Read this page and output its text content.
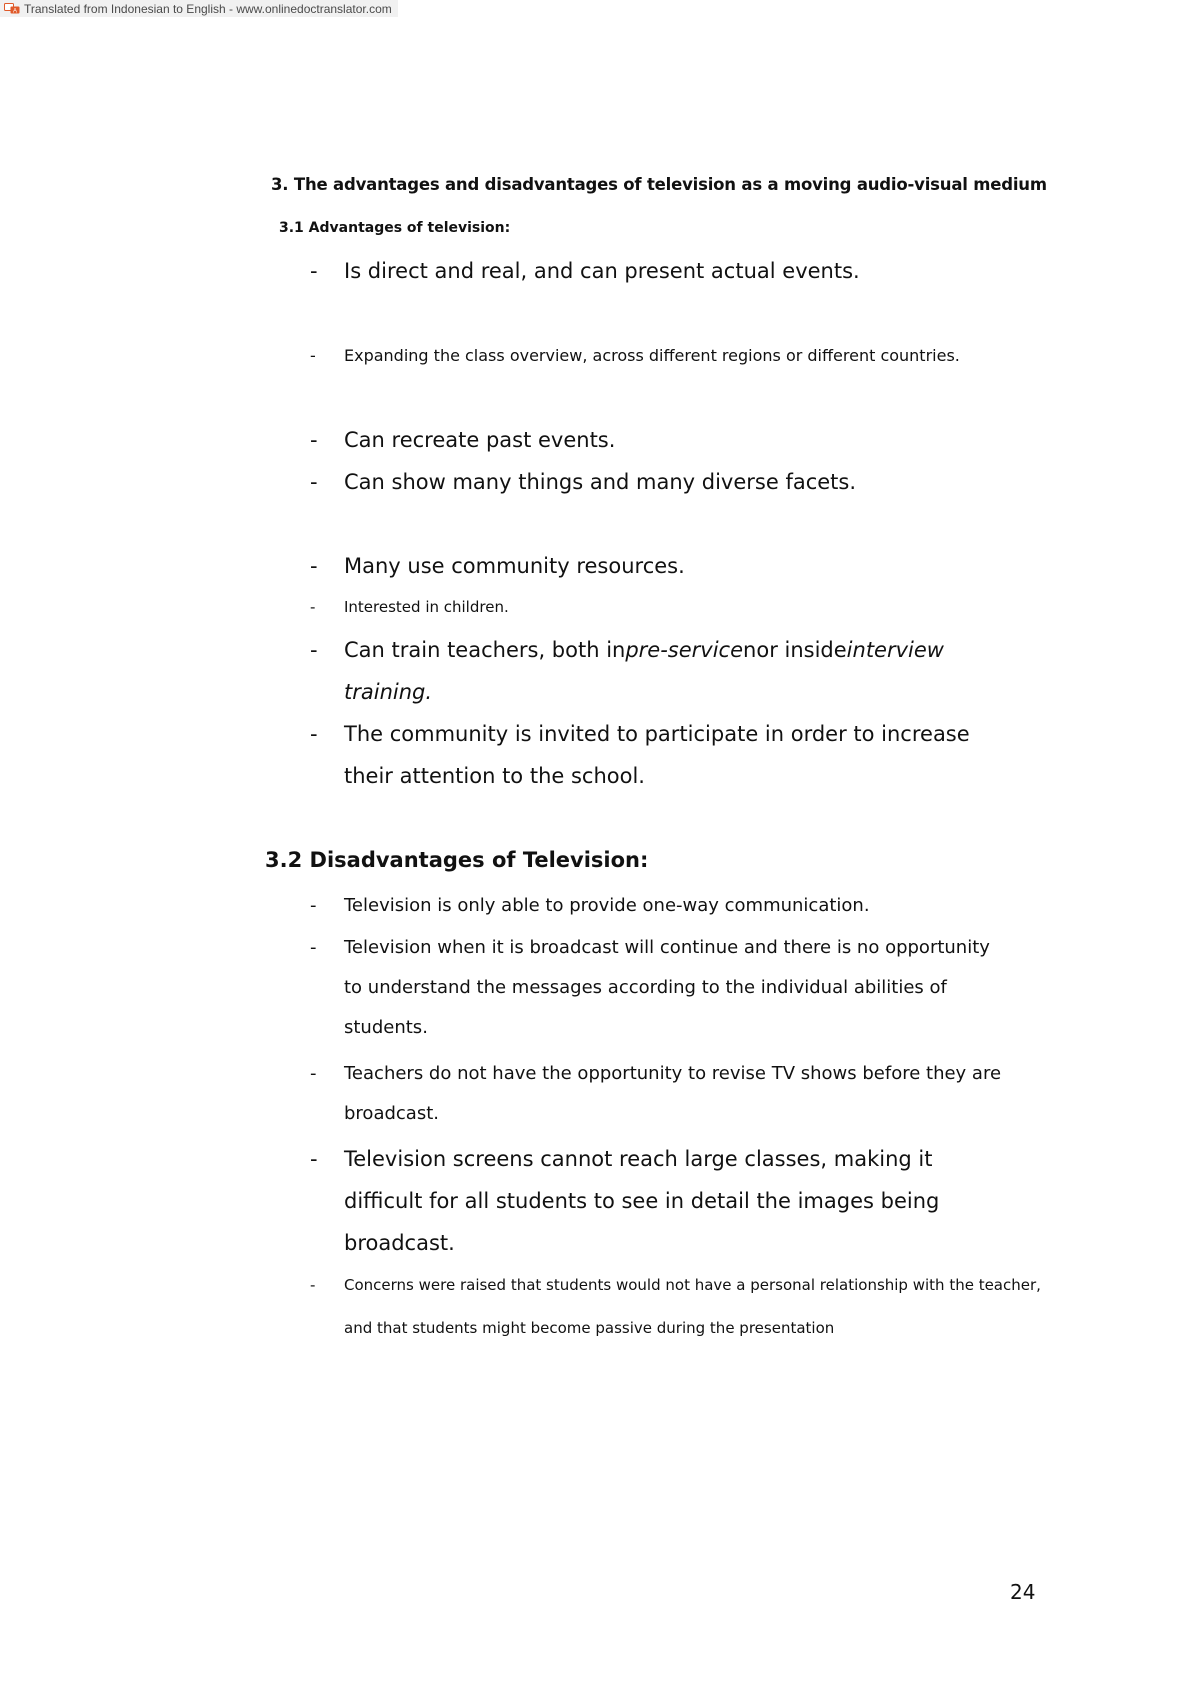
A Translated from Indonesian to English - www.onlinedoctranslator.com
3. The advantages and disadvantages of television as a moving audio-visual medium
3.1 Advantages of television:
-	Is direct and real, and can present actual events.
-	Expanding the class overview, across different regions or different countries.
-	Can recreate past events.
-	Can show many things and many diverse facets.
-	Many use community resources.
-	Interested in children.
-	Can train teachers, both inpre-servicenor insideinterview training.
-	The community is invited to participate in order to increase their attention to the school.
3.2 Disadvantages of Television:
-	Television is only able to provide one-way communication.
-	Television when it is broadcast will continue and there is no opportunity to understand the messages according to the individual abilities of students.
-	Teachers do not have the opportunity to revise TV shows before they are broadcast.
-	Television screens cannot reach large classes, making it difficult for all students to see in detail the images being broadcast.
-	Concerns were raised that students would not have a personal relationship with the teacher, and that students might become passive during the presentation
24
